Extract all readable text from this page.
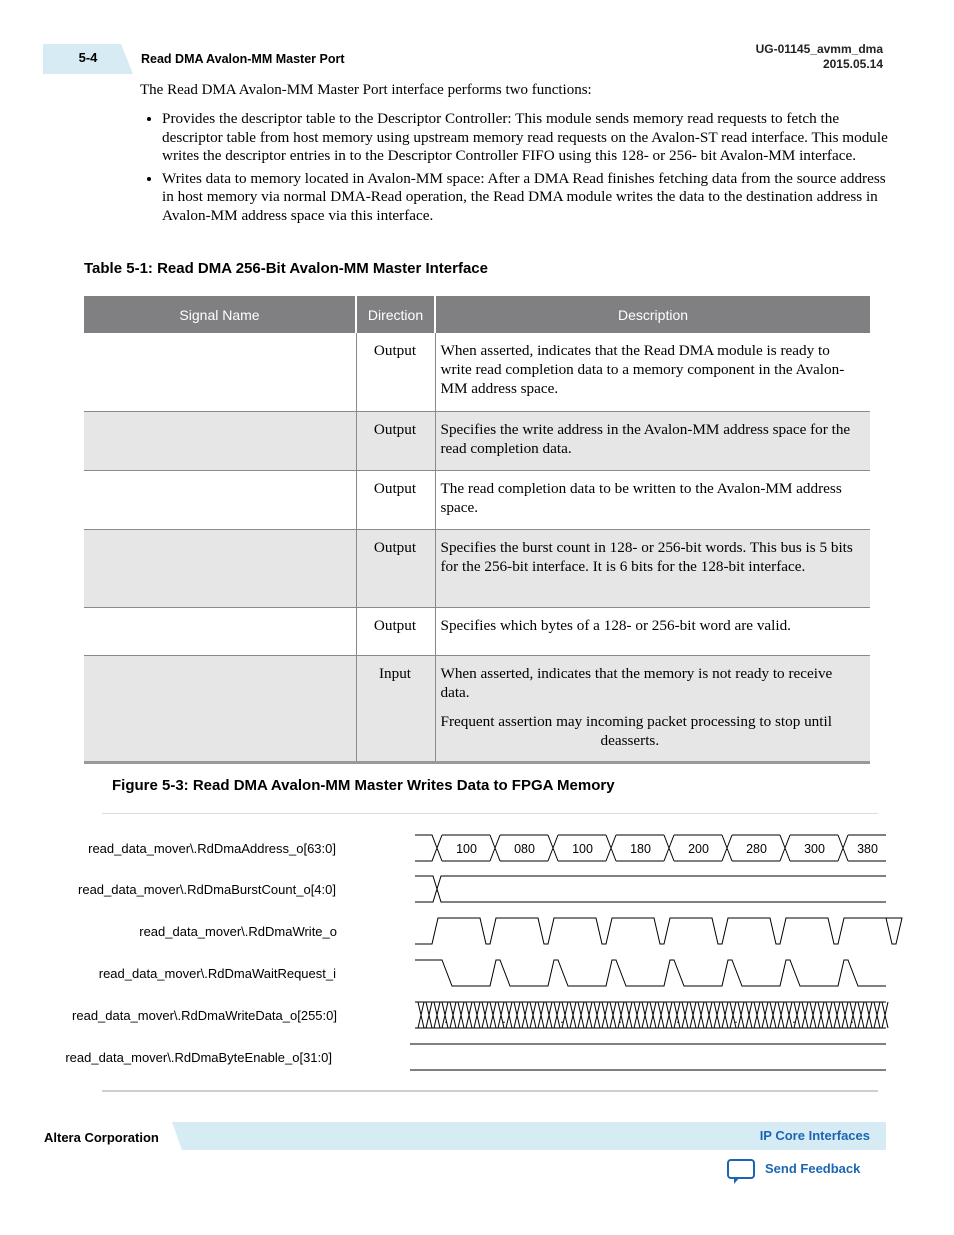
5-4	Read DMA Avalon-MM Master Port
UG-01145_avmm_dma
2015.05.14
The Read DMA Avalon-MM Master Port interface performs two functions:
• Provides the descriptor table to the Descriptor Controller: This module sends memory read requests to fetch the descriptor table from host memory using upstream memory read requests on the Avalon-ST read interface. This module writes the descriptor entries in to the Descriptor Controller FIFO using this 128- or 256- bit Avalon-MM interface.
• Writes data to memory located in Avalon-MM space: After a DMA Read finishes fetching data from the source address in host memory via normal DMA-Read operation, the Read DMA module writes the data to the destination address in Avalon-MM address space via this interface.
Table 5-1: Read DMA 256-Bit Avalon-MM Master Interface
Signal Name	Direction	Description
	Output	When asserted, indicates that the Read DMA module is ready to write read completion data to a memory component in the Avalon-MM address space.
	Output	Specifies the write address in the Avalon-MM address space for the read completion data.
	Output	The read completion data to be written to the Avalon-MM address space.
	Output	Specifies the burst count in 128- or 256-bit words. This bus is 5 bits for the 256-bit interface. It is 6 bits for the 128-bit interface.
	Output	Specifies which bytes of a 128- or 256-bit word are valid.
	Input	When asserted, indicates that the memory is not ready to receive data.
Frequent assertion may incoming packet processing to stop untildeasserts.
Figure 5-3: Read DMA Avalon-MM Master Writes Data to FPGA Memory
read_data_mover\.RdDmaAddress_o[63:0]
read_data_mover\.RdDmaBurstCount_o[4:0]
read_data_mover\.RdDmaWrite_o
read_data_mover\.RdDmaWaitRequest_i
read_data_mover\.RdDmaWriteData_o[255:0]
read_data_mover\.RdDmaByteEnable_o[31:0]
100	080	100	180	200	280	300	380
.	.	.	.	.	.	.	.
Altera Corporation	IP Core Interfaces
Send Feedback
